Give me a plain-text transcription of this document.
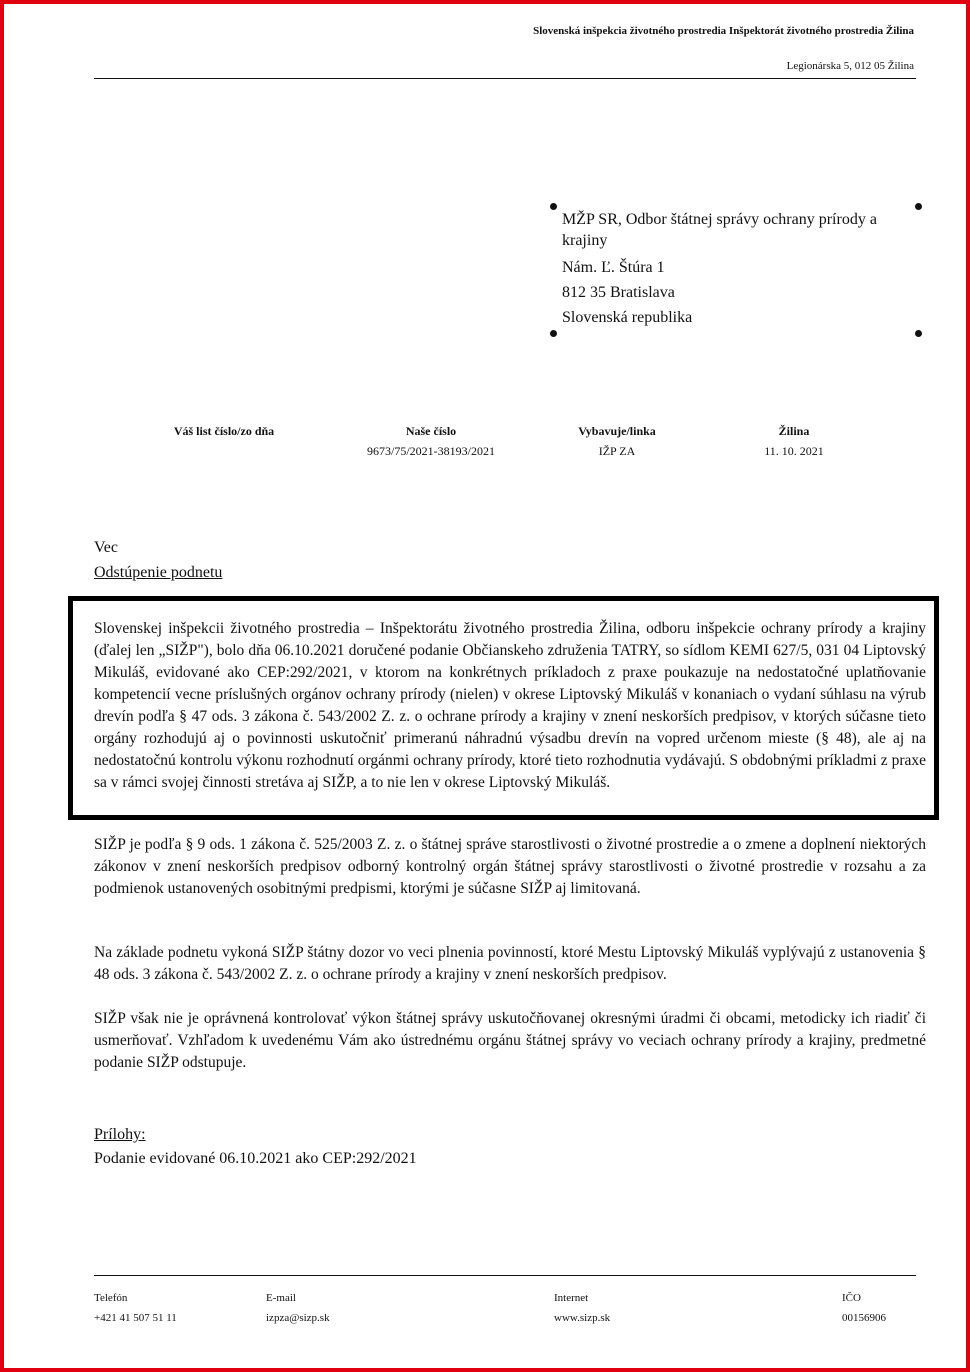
Slovenská inšpekcia životného prostredia Inšpektorát životného prostredia Žilina
Legionárska 5, 012 05 Žilina
MŽP SR, Odbor štátnej správy ochrany prírody a krajiny
Nám. Ľ. Štúra 1
812 35 Bratislava
Slovenská republika
Váš list číslo/zo dňa	Naše číslo
9673/75/2021-38193/2021
Vybavuje/linka
IŽP ZA
Žilina
11. 10. 2021
Vec
Odstúpenie podnetu
Slovenskej inšpekcii životného prostredia – Inšpektorátu životného prostredia Žilina, odboru inšpekcie ochrany prírody a krajiny (ďalej len „SIŽP"), bolo dňa 06.10.2021 doručené podanie Občianskeho združenia TATRY, so sídlom KEMI 627/5, 031 04 Liptovský Mikuláš, evidované ako CEP:292/2021, v ktorom na konkrétnych príkladoch z praxe poukazuje na nedostatočné uplatňovanie kompetencií vecne príslušných orgánov ochrany prírody (nielen) v okrese Liptovský Mikuláš v konaniach o vydaní súhlasu na výrub drevín podľa § 47 ods. 3 zákona č. 543/2002 Z. z. o ochrane prírody a krajiny v znení neskorších predpisov, v ktorých súčasne tieto orgány rozhodujú aj o povinnosti uskutočniť primeranú náhradnú výsadbu drevín na vopred určenom mieste (§ 48), ale aj na nedostatočnú kontrolu výkonu rozhodnutí orgánmi ochrany prírody, ktoré tieto rozhodnutia vydávajú. S obdobnými príkladmi z praxe sa v rámci svojej činnosti stretáva aj SIŽP, a to nie len v okrese Liptovský Mikuláš.
SIŽP je podľa § 9 ods. 1 zákona č. 525/2003 Z. z. o štátnej správe starostlivosti o životné prostredie a o zmene a doplnení niektorých zákonov v znení neskorších predpisov odborný kontrolný orgán štátnej správy starostlivosti o životné prostredie v rozsahu a za podmienok ustanovených osobitnými predpismi, ktorými je súčasne SIŽP aj limitovaná.
Na základe podnetu vykoná SIŽP štátny dozor vo veci plnenia povinností, ktoré Mestu Liptovský Mikuláš vyplývajú z ustanovenia § 48 ods. 3 zákona č. 543/2002 Z. z. o ochrane prírody a krajiny v znení neskorších predpisov.
SIŽP však nie je oprávnená kontrolovať výkon štátnej správy uskutočňovanej okresnými úradmi či obcami, metodicky ich riadiť či usmerňovať. Vzhľadom k uvedenému Vám ako ústrednému orgánu štátnej správy vo veciach ochrany prírody a krajiny, predmetné podanie SIŽP odstupuje.
Prílohy:
Podanie evidované 06.10.2021 ako CEP:292/2021
Telefón
+421 41 507 51 11
E-mail
izpza@sizp.sk
Internet
www.sizp.sk
IČO
00156906
